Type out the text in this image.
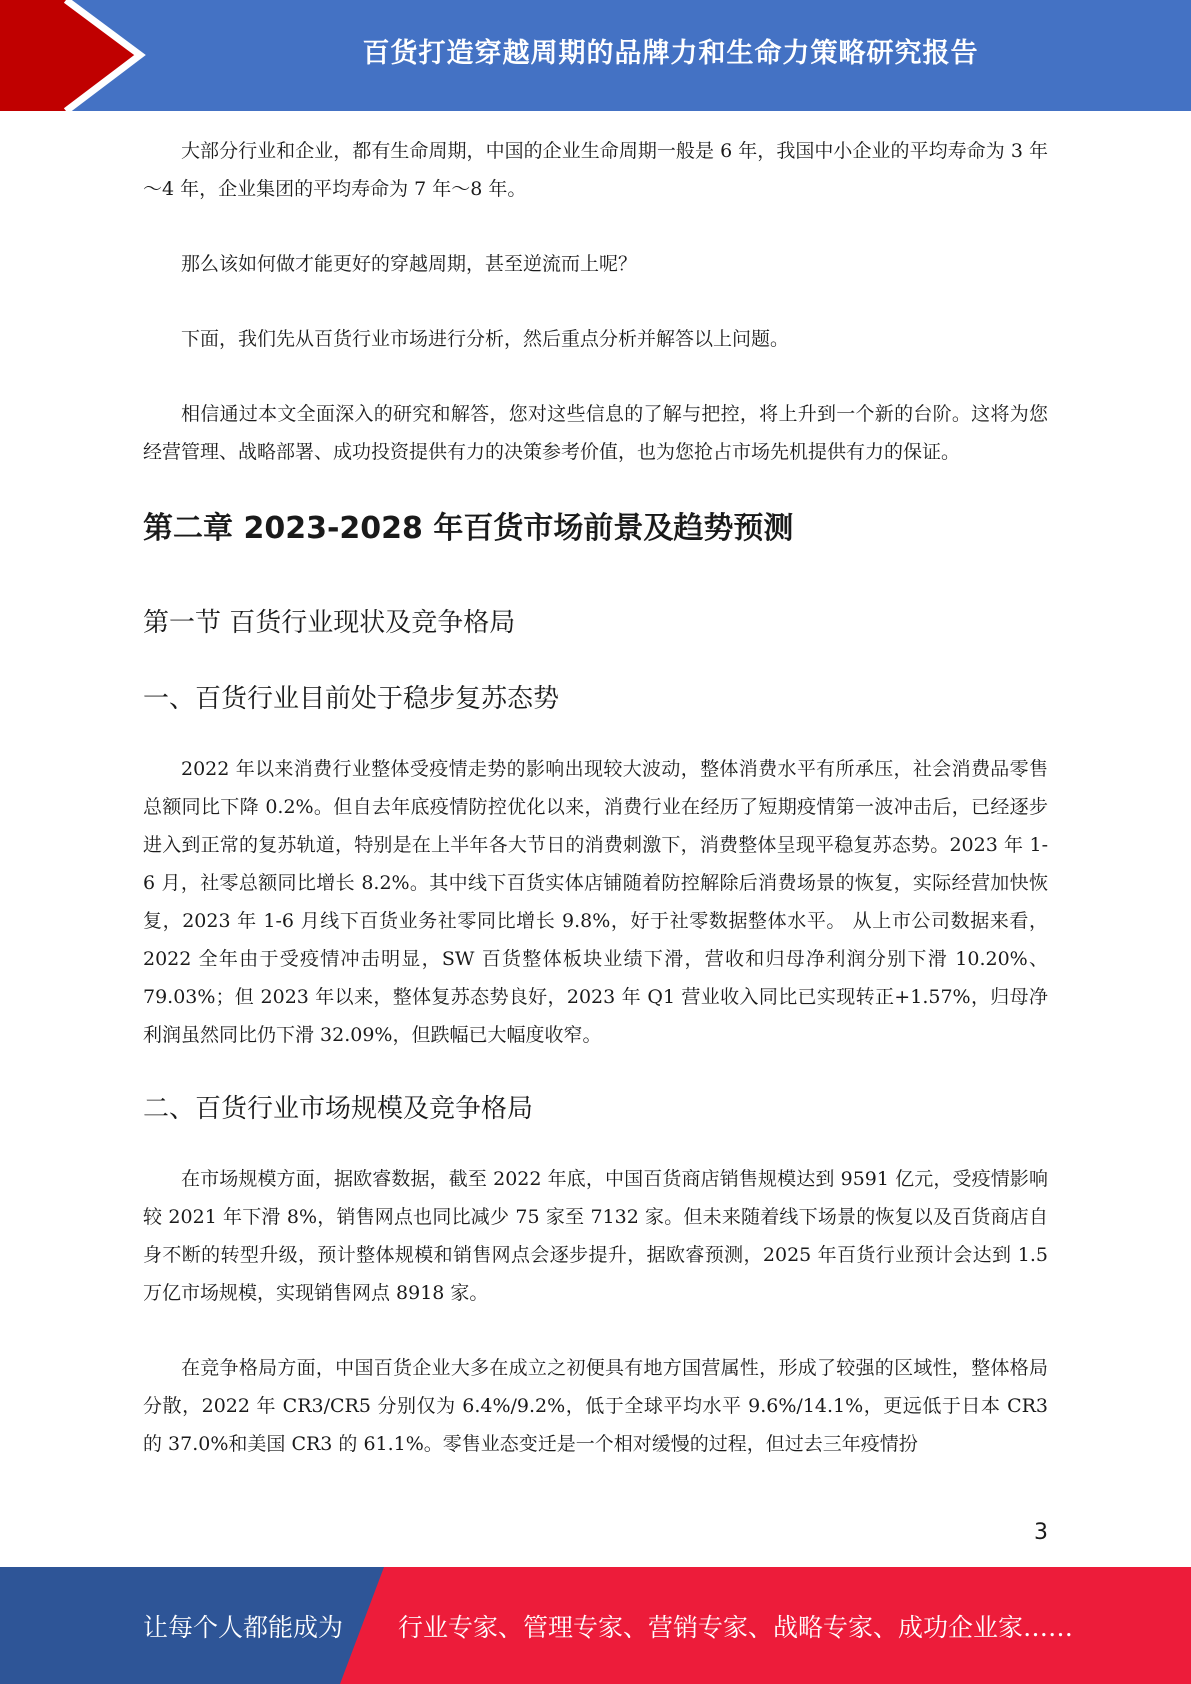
百货打造穿越周期的品牌力和生命力策略研究报告

大部分行业和企业，都有生命周期，中国的企业生命周期一般是 6 年，我国中小企业的平均寿命为 3 年～4 年，企业集团的平均寿命为 7 年～8 年。

那么该如何做才能更好的穿越周期，甚至逆流而上呢？

下面，我们先从百货行业市场进行分析，然后重点分析并解答以上问题。

相信通过本文全面深入的研究和解答，您对这些信息的了解与把控，将上升到一个新的台阶。这将为您经营管理、战略部署、成功投资提供有力的决策参考价值，也为您抢占市场先机提供有力的保证。

第二章 2023-2028 年百货市场前景及趋势预测
第一节 百货行业现状及竞争格局
一、百货行业目前处于稳步复苏态势

2022 年以来消费行业整体受疫情走势的影响出现较大波动，整体消费水平有所承压，社会消费品零售总额同比下降 0.2%。但自去年底疫情防控优化以来，消费行业在经历了短期疫情第一波冲击后，已经逐步进入到正常的复苏轨道，特别是在上半年各大节日的消费刺激下，消费整体呈现平稳复苏态势。2023 年 1-6 月，社零总额同比增长 8.2%。其中线下百货实体店铺随着防控解除后消费场景的恢复，实际经营加快恢复，2023 年 1-6 月线下百货业务社零同比增长 9.8%，好于社零数据整体水平。 从上市公司数据来看，2022 全年由于受疫情冲击明显，SW 百货整体板块业绩下滑，营收和归母净利润分别下滑 10.20%、79.03%；但 2023 年以来，整体复苏态势良好，2023 年 Q1 营业收入同比已实现转正+1.57%，归母净利润虽然同比仍下滑 32.09%，但跌幅已大幅度收窄。

二、百货行业市场规模及竞争格局

在市场规模方面，据欧睿数据，截至 2022 年底，中国百货商店销售规模达到 9591 亿元，受疫情影响较 2021 年下滑 8%，销售网点也同比减少 75 家至 7132 家。但未来随着线下场景的恢复以及百货商店自身不断的转型升级，预计整体规模和销售网点会逐步提升，据欧睿预测，2025 年百货行业预计会达到 1.5 万亿市场规模，实现销售网点 8918 家。

在竞争格局方面，中国百货企业大多在成立之初便具有地方国营属性，形成了较强的区域性，整体格局分散，2022 年 CR3/CR5 分别仅为 6.4%/9.2%，低于全球平均水平 9.6%/14.1%，更远低于日本 CR3 的 37.0%和美国 CR3 的 61.1%。零售业态变迁是一个相对缓慢的过程，但过去三年疫情扮

3
让每个人都能成为 行业专家、管理专家、营销专家、战略专家、成功企业家……
